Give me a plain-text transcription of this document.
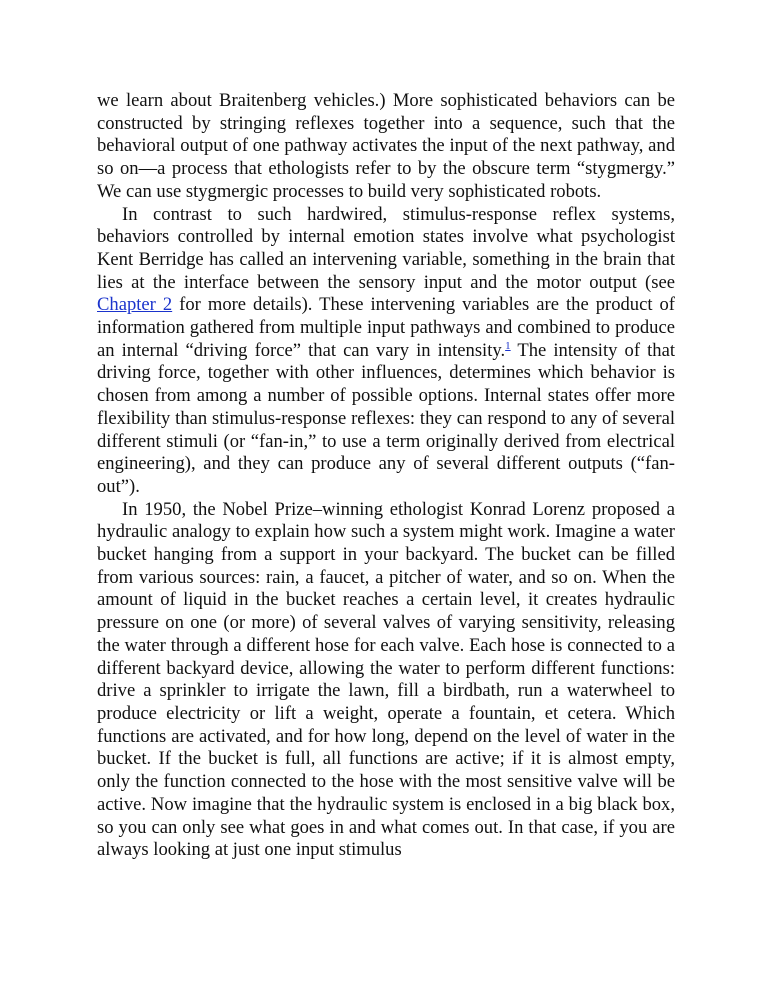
we learn about Braitenberg vehicles.) More sophisticated behaviors can be constructed by stringing reflexes together into a sequence, such that the behavioral output of one pathway activates the input of the next pathway, and so on—a process that ethologists refer to by the obscure term “stygmergy.” We can use stygmergic processes to build very sophisticated robots.

In contrast to such hardwired, stimulus-response reflex systems, behaviors controlled by internal emotion states involve what psychologist Kent Berridge has called an intervening variable, something in the brain that lies at the interface between the sensory input and the motor output (see Chapter 2 for more details). These intervening variables are the product of information gathered from multiple input pathways and combined to produce an internal “driving force” that can vary in intensity.$^1$ The intensity of that driving force, together with other influences, determines which behavior is chosen from among a number of possible options. Internal states offer more flexibility than stimulus-response reflexes: they can respond to any of several different stimuli (or “fan-in,” to use a term originally derived from electrical engineering), and they can produce any of several different outputs (“fan-out”).

In 1950, the Nobel Prize–winning ethologist Konrad Lorenz proposed a hydraulic analogy to explain how such a system might work. Imagine a water bucket hanging from a support in your backyard. The bucket can be filled from various sources: rain, a faucet, a pitcher of water, and so on. When the amount of liquid in the bucket reaches a certain level, it creates hydraulic pressure on one (or more) of several valves of varying sensitivity, releasing the water through a different hose for each valve. Each hose is connected to a different backyard device, allowing the water to perform different functions: drive a sprinkler to irrigate the lawn, fill a birdbath, run a waterwheel to produce electricity or lift a weight, operate a fountain, et cetera. Which functions are activated, and for how long, depend on the level of water in the bucket. If the bucket is full, all functions are active; if it is almost empty, only the function connected to the hose with the most sensitive valve will be active. Now imagine that the hydraulic system is enclosed in a big black box, so you can only see what goes in and what comes out. In that case, if you are always looking at just one input stimulus
